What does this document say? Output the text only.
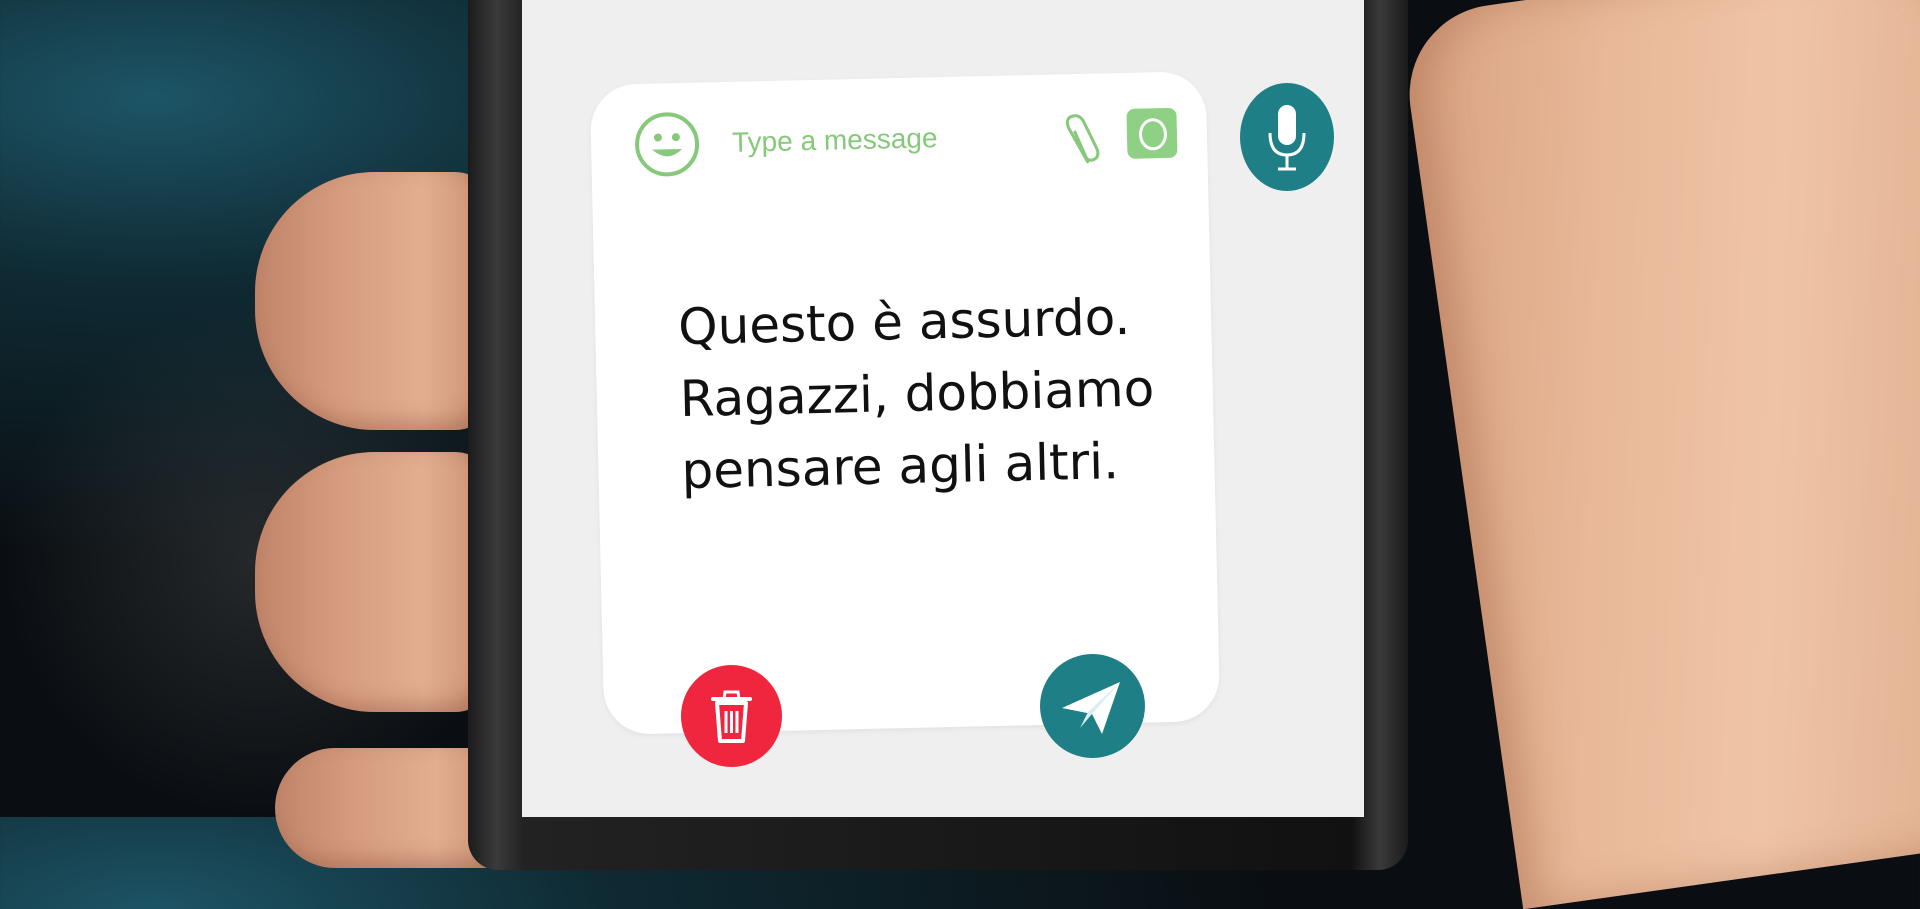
Type a message
Questo è assurdo.
Ragazzi, dobbiamo
pensare agli altri.
